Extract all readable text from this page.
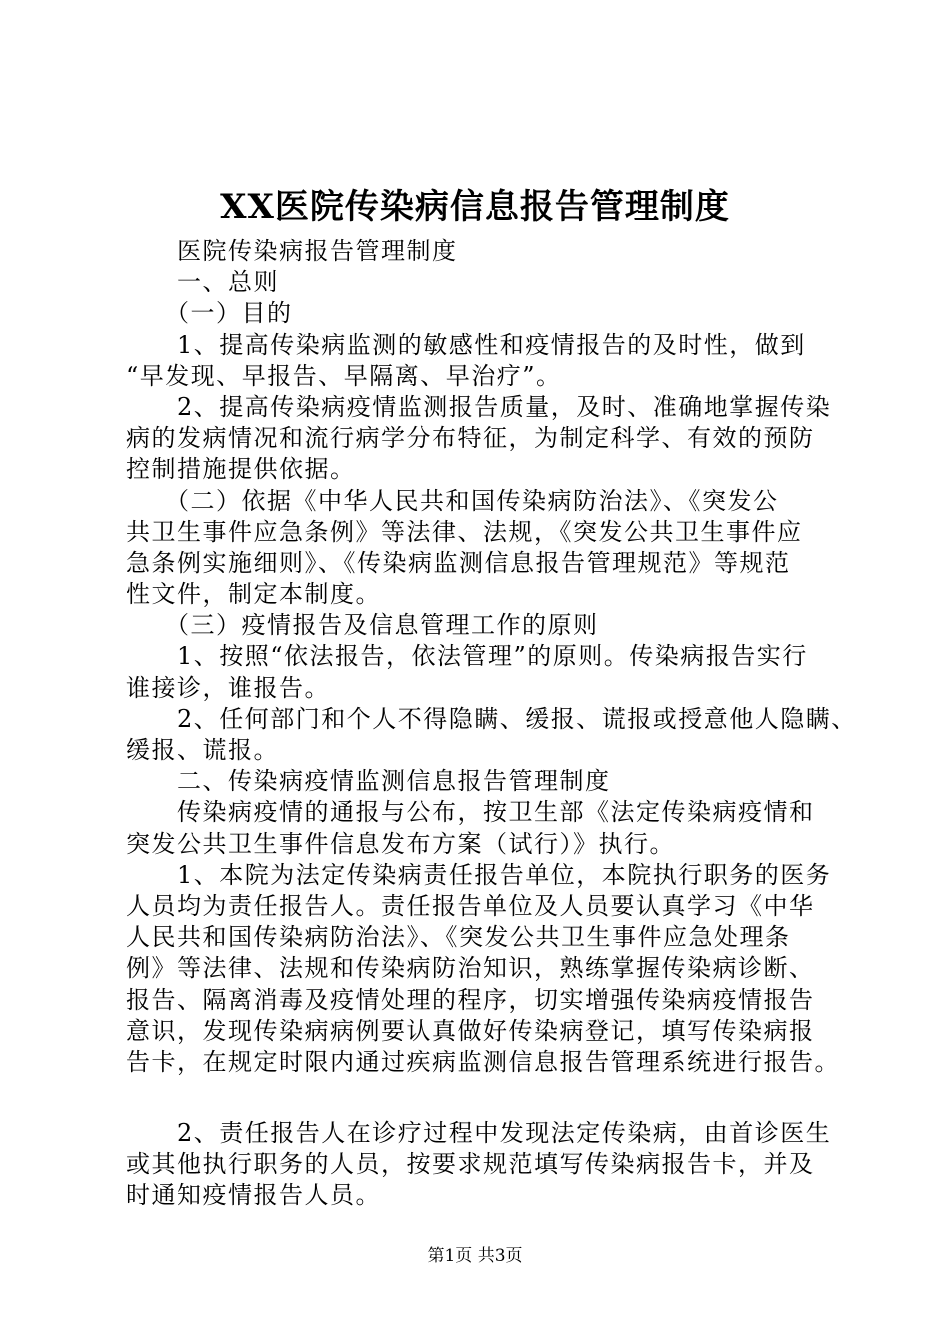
XX医院传染病信息报告管理制度
　　医院传染病报告管理制度
　　一、总则
　　（一）目的
　　1、提高传染病监测的敏感性和疫情报告的及时性，做到
“早发现、早报告、早隔离、早治疗”。
　　2、提高传染病疫情监测报告质量，及时、准确地掌握传染
病的发病情况和流行病学分布特征，为制定科学、有效的预防
控制措施提供依据。
　　（二）依据《中华人民共和国传染病防治法》、《突发公
共卫生事件应急条例》等法律、法规，《突发公共卫生事件应
急条例实施细则》、《传染病监测信息报告管理规范》等规范
性文件，制定本制度。
　　（三）疫情报告及信息管理工作的原则
　　1、按照“依法报告，依法管理”的原则。传染病报告实行
谁接诊，谁报告。
　　2、任何部门和个人不得隐瞒、缓报、谎报或授意他人隐瞒、
缓报、谎报。
　　二、传染病疫情监测信息报告管理制度
　　传染病疫情的通报与公布，按卫生部《法定传染病疫情和
突发公共卫生事件信息发布方案（试行）》执行。
　　1、本院为法定传染病责任报告单位，本院执行职务的医务
人员均为责任报告人。责任报告单位及人员要认真学习《中华
人民共和国传染病防治法》、《突发公共卫生事件应急处理条
例》等法律、法规和传染病防治知识，熟练掌握传染病诊断、
报告、隔离消毒及疫情处理的程序，切实增强传染病疫情报告
意识，发现传染病病例要认真做好传染病登记，填写传染病报
告卡，在规定时限内通过疾病监测信息报告管理系统进行报告。
　　2、责任报告人在诊疗过程中发现法定传染病，由首诊医生
或其他执行职务的人员，按要求规范填写传染病报告卡，并及
时通知疫情报告人员。
第1页 共3页
